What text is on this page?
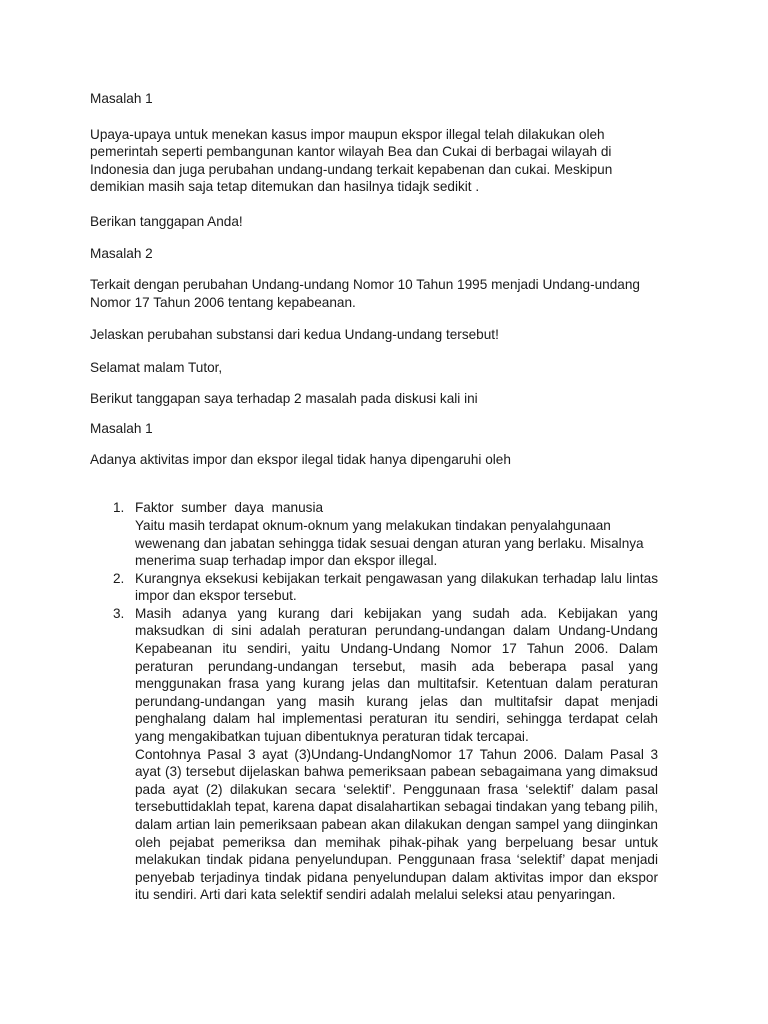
Masalah 1

Upaya-upaya untuk menekan kasus impor maupun ekspor illegal telah dilakukan oleh pemerintah seperti pembangunan kantor wilayah Bea dan Cukai di berbagai wilayah di Indonesia dan juga perubahan undang-undang terkait kepabenan dan cukai. Meskipun demikian masih saja tetap ditemukan dan hasilnya tidajk sedikit .

Berikan tanggapan Anda!

Masalah 2

Terkait dengan perubahan Undang-undang Nomor 10 Tahun 1995 menjadi Undang-undang Nomor 17 Tahun 2006 tentang kepabeanan.

Jelaskan perubahan substansi dari kedua Undang-undang tersebut!

Selamat malam Tutor,

Berikut tanggapan saya terhadap 2 masalah pada diskusi kali ini

Masalah 1

Adanya aktivitas impor dan ekspor ilegal tidak hanya dipengaruhi oleh

1. Faktor sumber daya manusia
Yaitu masih terdapat oknum-oknum yang melakukan tindakan penyalahgunaan wewenang dan jabatan sehingga tidak sesuai dengan aturan yang berlaku. Misalnya menerima suap terhadap impor dan ekspor illegal.
2. Kurangnya eksekusi kebijakan terkait pengawasan yang dilakukan terhadap lalu lintas impor dan ekspor tersebut.
3. Masih adanya yang kurang dari kebijakan yang sudah ada. Kebijakan yang maksudkan di sini adalah peraturan perundang-undangan dalam Undang-Undang Kepabeanan itu sendiri, yaitu Undang-Undang Nomor 17 Tahun 2006. Dalam peraturan perundang-undangan tersebut, masih ada beberapa pasal yang menggunakan frasa yang kurang jelas dan multitafsir. Ketentuan dalam peraturan perundang-undangan yang masih kurang jelas dan multitafsir dapat menjadi penghalang dalam hal implementasi peraturan itu sendiri, sehingga terdapat celah yang mengakibatkan tujuan dibentuknya peraturan tidak tercapai.
Contohnya Pasal 3 ayat (3)Undang-UndangNomor 17 Tahun 2006. Dalam Pasal 3 ayat (3) tersebut dijelaskan bahwa pemeriksaan pabean sebagaimana yang dimaksud pada ayat (2) dilakukan secara ‘selektif’. Penggunaan frasa ‘selektif’ dalam pasal tersebuttidaklah tepat, karena dapat disalahartikan sebagai tindakan yang tebang pilih, dalam artian lain pemeriksaan pabean akan dilakukan dengan sampel yang diinginkan oleh pejabat pemeriksa dan memihak pihak-pihak yang berpeluang besar untuk melakukan tindak pidana penyelundupan. Penggunaan frasa ‘selektif’ dapat menjadi penyebab terjadinya tindak pidana penyelundupan dalam aktivitas impor dan ekspor itu sendiri. Arti dari kata selektif sendiri adalah melalui seleksi atau penyaringan.
